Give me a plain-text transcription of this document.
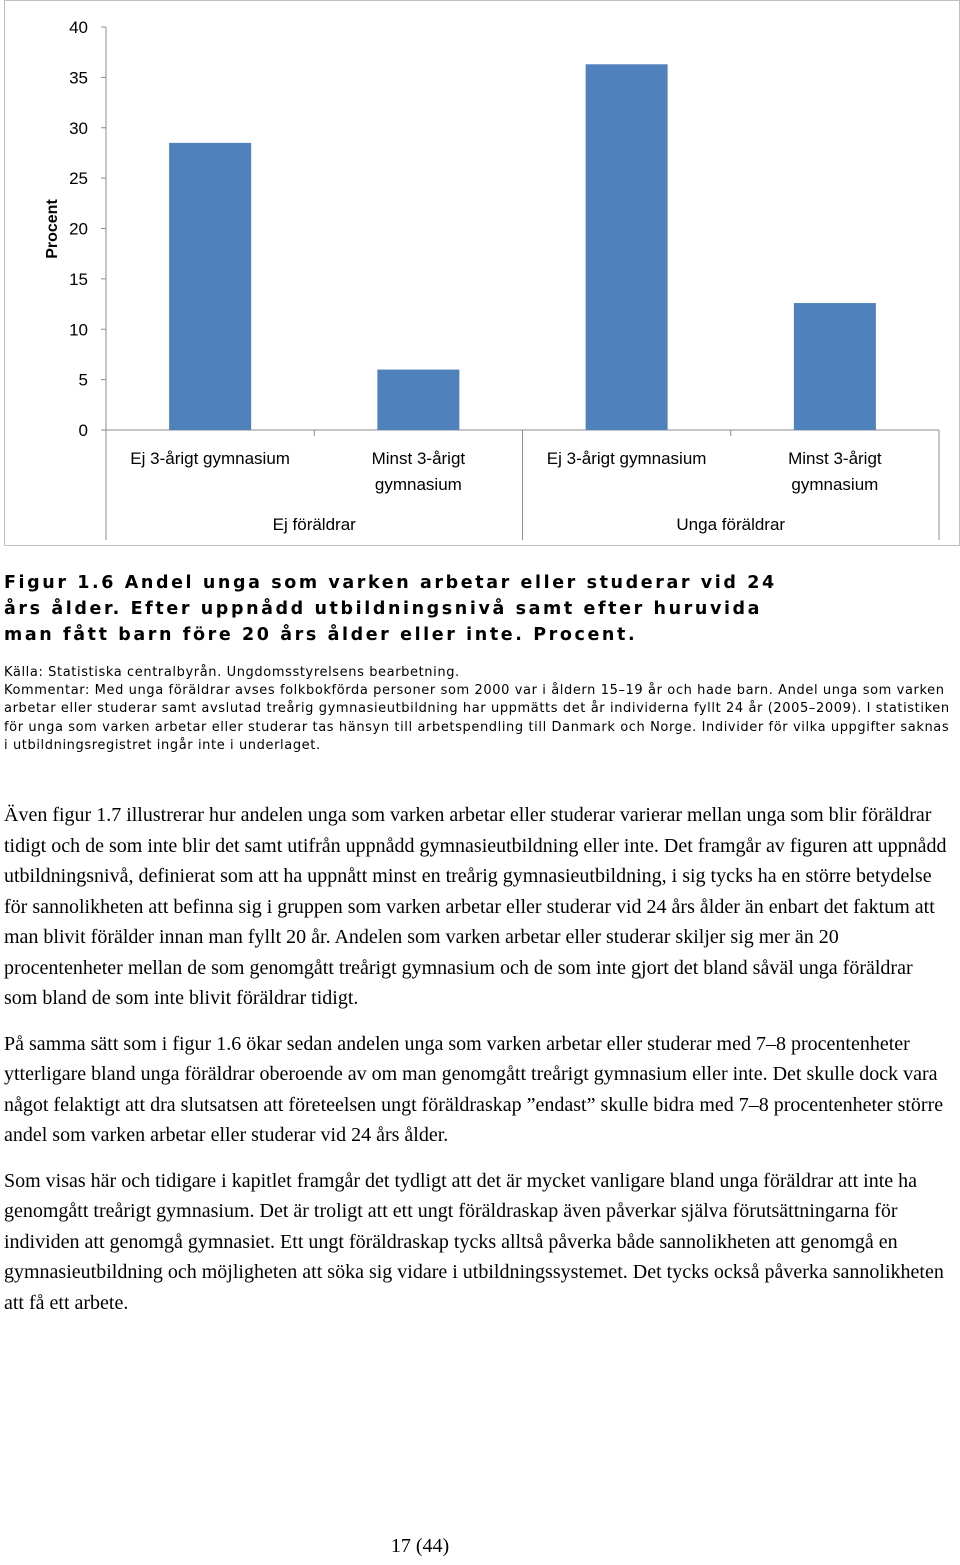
0
5
10
15
20
25
30
35
40
Procent
Ej 3-årigt gymnasium	Minst 3-årigt
gymnasium
Ej 3-årigt gymnasium	Minst 3-årigt
gymnasium
Ej föräldrar	Unga föräldrar
Figur 1.6 Andel unga som varken arbetar eller studerar vid 24 års ålder. Efter uppnådd utbildningsnivå samt efter huruvida man fått barn före 20 års ålder eller inte. Procent.
Källa: Statistiska centralbyrån. Ungdomsstyrelsens bearbetning.
Kommentar: Med unga föräldrar avses folkbokförda personer som 2000 var i åldern 15–19 år och hade barn. Andel unga som varken arbetar eller studerar samt avslutad treårig gymnasieutbildning har uppmätts det år individerna fyllt 24 år (2005–2009). I statistiken för unga som varken arbetar eller studerar tas hänsyn till arbetspendling till Danmark och Norge. Individer för vilka uppgifter saknas i utbildningsregistret ingår inte i underlaget.

Även figur 1.7 illustrerar hur andelen unga som varken arbetar eller studerar varierar mellan unga som blir föräldrar tidigt och de som inte blir det samt utifrån uppnådd gymnasieutbildning eller inte. Det framgår av figuren att uppnådd utbildningsnivå, definierat som att ha uppnått minst en treårig gymnasieutbildning, i sig tycks ha en större betydelse för sannolikheten att befinna sig i gruppen som varken arbetar eller studerar vid 24 års ålder än enbart det faktum att man blivit förälder innan man fyllt 20 år. Andelen som varken arbetar eller studerar skiljer sig mer än 20 procentenheter mellan de som genomgått treårigt gymnasium och de som inte gjort det bland såväl unga föräldrar som bland de som inte blivit föräldrar tidigt.

På samma sätt som i figur 1.6 ökar sedan andelen unga som varken arbetar eller studerar med 7–8 procentenheter ytterligare bland unga föräldrar oberoende av om man genomgått treårigt gymnasium eller inte. Det skulle dock vara något felaktigt att dra slutsatsen att företeelsen ungt föräldraskap ”endast” skulle bidra med 7–8 procentenheter större andel som varken arbetar eller studerar vid 24 års ålder.

Som visas här och tidigare i kapitlet framgår det tydligt att det är mycket vanligare bland unga föräldrar att inte ha genomgått treårigt gymnasium. Det är troligt att ett ungt föräldraskap även påverkar själva förutsättningarna för individen att genomgå gymnasiet. Ett ungt föräldraskap tycks alltså påverka både sannolikheten att genomgå en gymnasieutbildning och möjligheten att söka sig vidare i utbildningssystemet. Det tycks också påverka sannolikheten att få ett arbete.

17 (44)
